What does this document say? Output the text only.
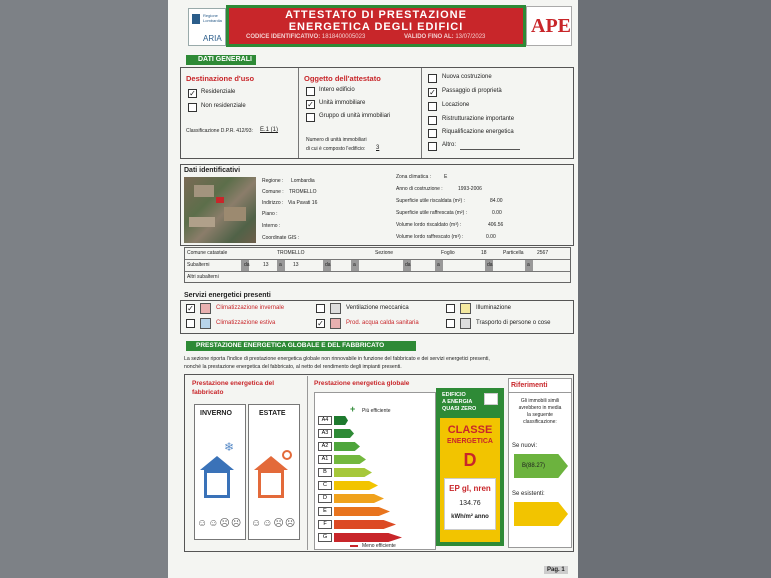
Regione
Lombardia
ARIA
ATTESTATO DI PRESTAZIONE
ENERGETICA DEGLI EDIFICI
CODICE IDENTIFICATIVO: 1818400005023	VALIDO FINO AL: 13/07/2023 APE
DATI GENERALI
Destinazione d'uso
✓ Residenziale
Non residenziale
Classificazione D.P.R. 412/93: E.1 (1)
Oggetto dell'attestato
Intero edificio
✓ Unità immobiliare
Gruppo di unità immobiliari
Numero di unità immobiliari
di cui è composto l'edificio: 3
Nuova costruzione
✓ Passaggio di proprietà
Locazione
Ristrutturazione importante
Riqualificazione energetica
Altro:
Dati identificativi
Regione : Lombardia
Comune : TROMELLO
Indirizzo : Via Pavati 16
Piano :
Interno :
Coordinate GIS :
Zona climatica :	E
Anno di costruzione :	1993-2006
Superficie utile riscaldata (m²) :	84.00
Superficie utile raffrescata (m²) :	0.00
Volume lordo riscaldato (m³) :	406.56
Volume lordo raffrescato (m³) :	0.00
Comune catastale	TROMELLO	Sezione	Foglio	18	Particella	2567
Subalterni	da	13 a 13	da	a	da	a	da	a
Altri subalterni
Servizi energetici presenti
✓	Climatizzazione invernale
Climatizzazione estiva
Ventilazione meccanica
✓	Prod. acqua calda sanitaria
Illuminazione
Trasporto di persone o cose
PRESTAZIONE ENERGETICA GLOBALE E DEL FABBRICATO
La sezione riporta l'indice di prestazione energetica globale non rinnovabile in funzione del fabbricato e dei servizi energetici presenti,
nonché la prestazione energetica del fabbricato, al netto del rendimento degli impianti presenti.
Prestazione energetica del
fabbricato
INVERNO	ESTATE
❄
☺☺☹☹ ☺☺☹☹
Prestazione energetica globale
+ Più efficiente
Meno efficiente
EDIFICIO
A ENERGIA
QUASI ZERO
CLASSE
ENERGETICA
D
EP gl, nren
134.76
kWh/m² anno
Riferimenti
Gli immobili simili
avrebbero in media
la seguente
classificazione:
Se nuovi:
B(88.27)
Se esistenti:
Pag. 1
A4
A3
A2
A1
B
C
D
E
F
G
